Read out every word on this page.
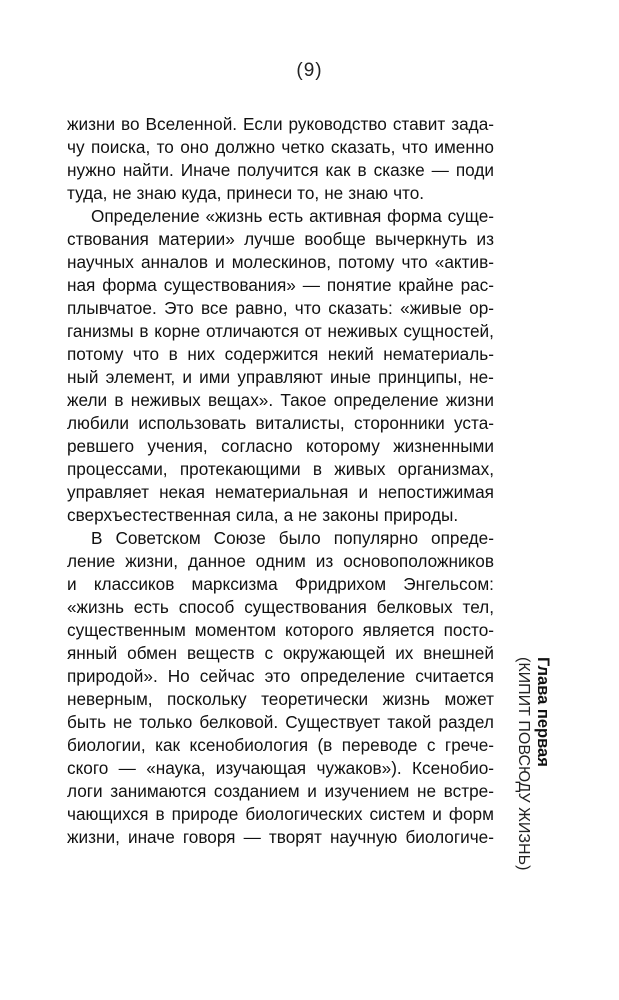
(9)
жизни во Вселенной. Если руководство ставит зада-
чу поиска, то оно должно четко сказать, что именно
нужно найти. Иначе получится как в сказке — поди
туда, не знаю куда, принеси то, не знаю что.
Определение «жизнь есть активная форма суще-
ствования материи» лучше вообще вычеркнуть из
научных анналов и молескинов, потому что «актив-
ная форма существования» — понятие крайне рас-
плывчатое. Это все равно, что сказать: «живые ор-
ганизмы в корне отличаются от неживых сущностей,
потому что в них содержится некий нематериаль-
ный элемент, и ими управляют иные принципы, не-
жели в неживых вещах». Такое определение жизни
любили использовать виталисты, сторонники уста-
ревшего учения, согласно которому жизненными
процессами, протекающими в живых организмах,
управляет некая нематериальная и непостижимая
сверхъестественная сила, а не законы природы.
В Советском Союзе было популярно опреде-
ление жизни, данное одним из основоположников
и классиков марксизма Фридрихом Энгельсом:
«жизнь есть способ существования белковых тел,
существенным моментом которого является посто-
янный обмен веществ с окружающей их внешней
природой». Но сейчас это определение считается
неверным, поскольку теоретически жизнь может
быть не только белковой. Существует такой раздел
биологии, как ксенобиология (в переводе с грече-
ского — «наука, изучающая чужаков»). Ксенобио-
логи занимаются созданием и изучением не встре-
чающихся в природе биологических систем и форм
жизни, иначе говоря — творят научную биологиче-
Глава первая
(КИПИТ ПОВСЮДУ ЖИЗНЬ)
